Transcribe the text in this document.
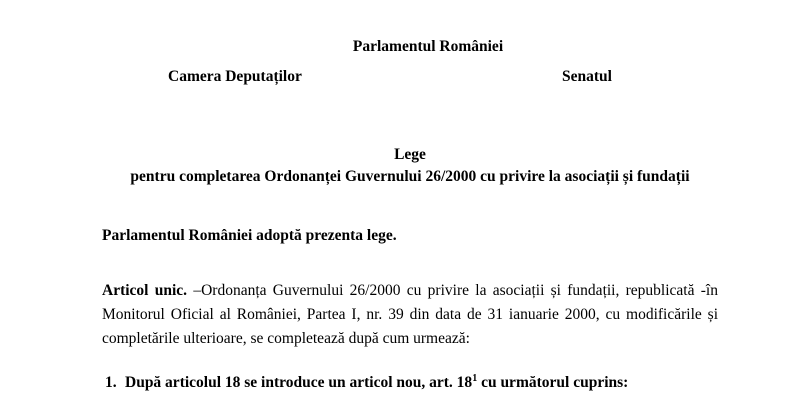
Parlamentul României
Camera Deputaților	Senatul
Lege
pentru completarea Ordonanței Guvernului 26/2000 cu privire la asociații și fundații
Parlamentul României adoptă prezenta lege.
Articol unic. –Ordonanța Guvernului 26/2000 cu privire la asociații și fundații, republicată -în
Monitorul Oficial al României, Partea I, nr. 39 din data de 31 ianuarie 2000, cu modificările și
completările ulterioare, se completează după cum urmează:
1. După articolul 18 se introduce un articol nou, art. $18^1$ cu următorul cuprins:
